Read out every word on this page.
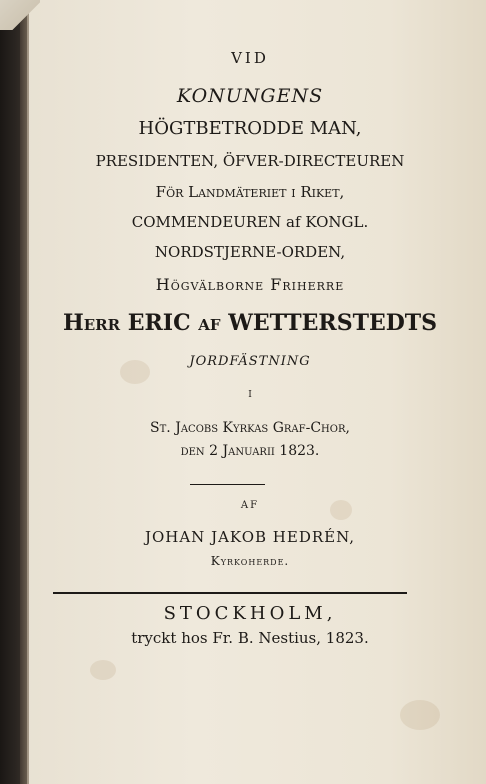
VID
KONUNGENS
HÖGTBETRODDE MAN,
PRESIDENTEN, ÖFVER-DIRECTEUREN
För Landmäteriet i Riket,
COMMENDEUREN af KONGL.
NORDSTJERNE-ORDEN,
Högvälborne Friherre
Herr ERIC af WETTERSTEDTS
JORDFÄSTNING
I
St. Jacobs Kyrkas Graf-Chor,
den 2 Januarii 1823.
AF
JOHAN JAKOB HEDRÉN,
Kyrkoherde.
STOCKHOLM,
tryckt hos Fr. B. Nestius, 1823.
